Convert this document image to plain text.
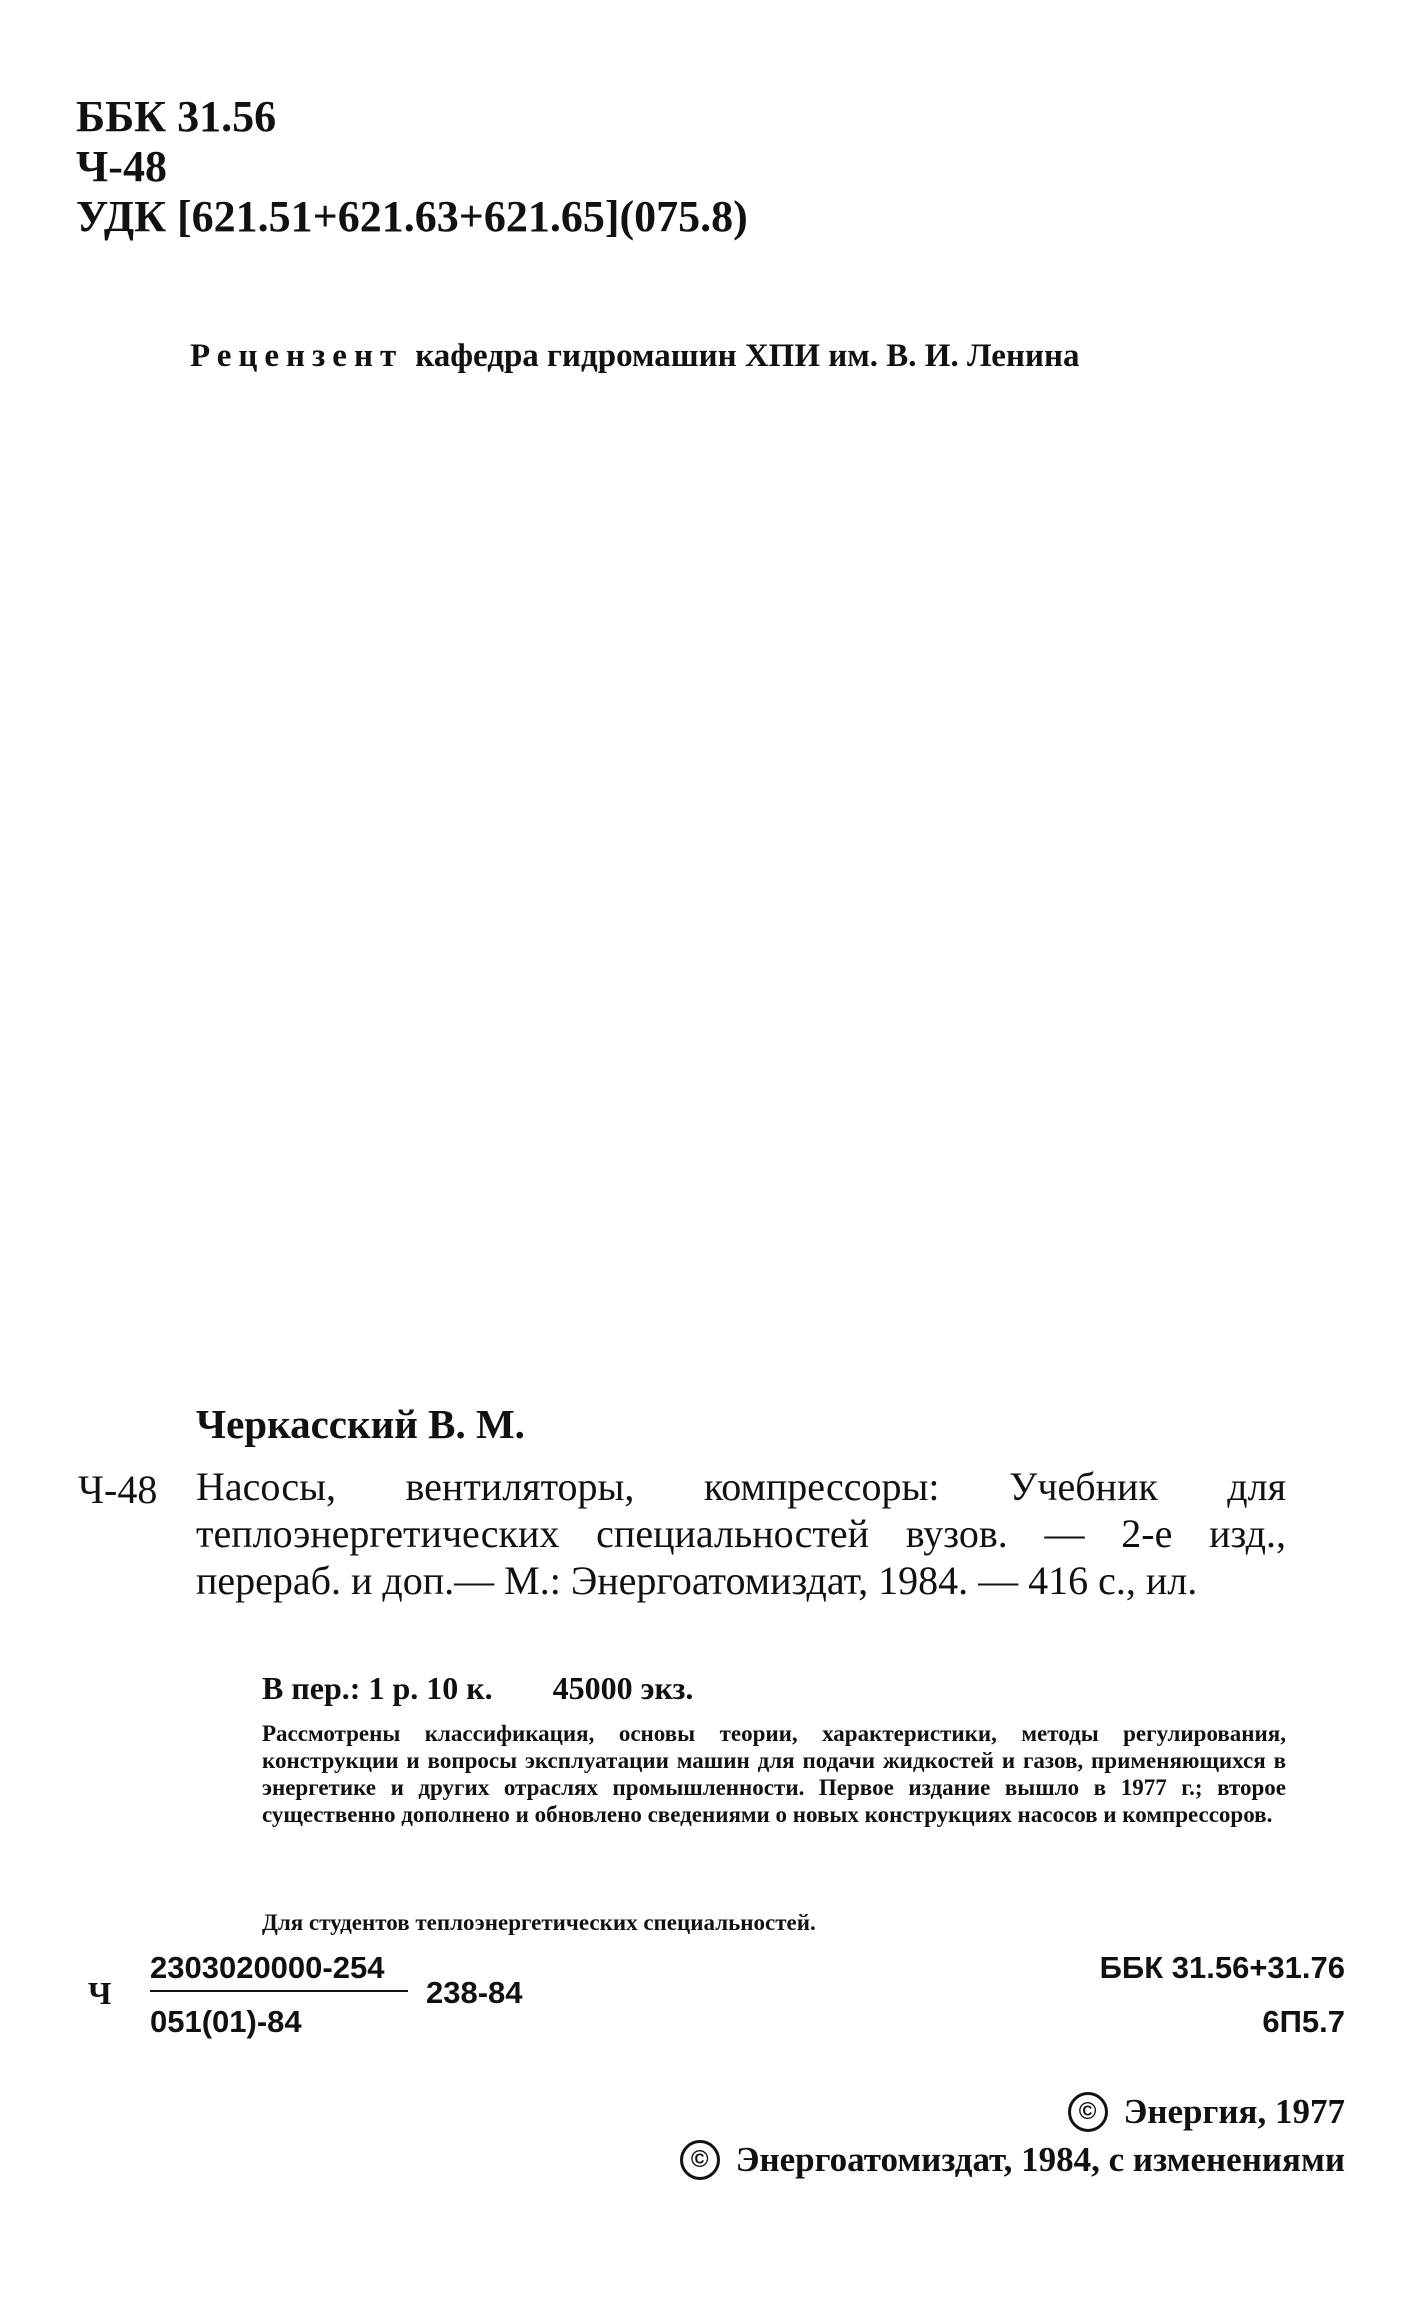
ББК 31.56
Ч-48
УДК [621.51+621.63+621.65](075.8)
Рецензент кафедра гидромашин ХПИ им. В. И. Ленина
Черкасский В. М.
Ч-48 Насосы, вентиляторы, компрессоры: Учебник для теплоэнергетических специальностей вузов. — 2-е изд., перераб. и доп.— М.: Энергоатомиздат, 1984. — 416 с., ил.
В пер.: 1 р. 10 к. 45000 экз.
Рассмотрены классификация, основы теории, характеристики, методы регулирования, конструкции и вопросы эксплуатации машин для подачи жидкостей и газов, применяющихся в энергетике и других отраслях промышленности. Первое издание вышло в 1977 г.; второе существенно дополнено и обновлено сведениями о новых конструкциях насосов и компрессоров.
Для студентов теплоэнергетических специальностей.
Ч
2303020000-254
051(01)-84
238-84
ББК 31.56+31.76
6П5.7
© Энергия, 1977
© Энергоатомиздат, 1984, с изменениями
